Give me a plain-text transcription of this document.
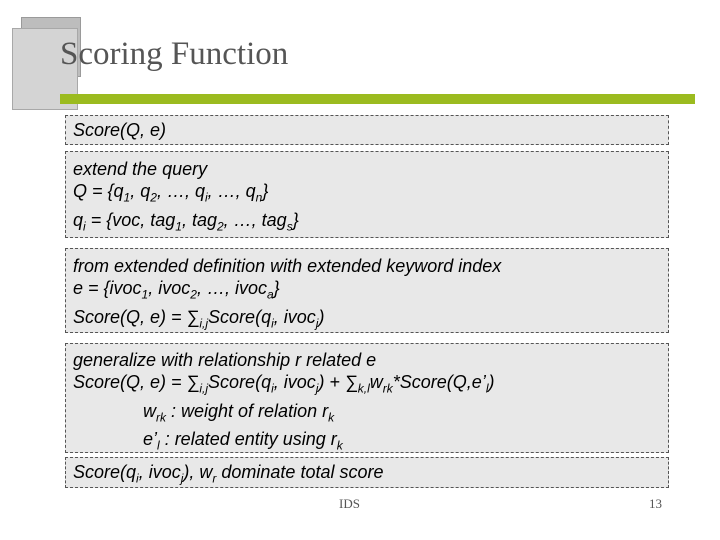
Scoring Function
Score(Q, e)
extend the query
$Q = \{q_1$, $q_2$, …, $q_i$, …, $q_n$}
$q_i = \{voc$, tag$_1$, tag$_2$, …, tag$_s$}
from extended definition with extended keyword index
e = {ivoc$_1$, ivoc$_2$, …, ivoc$_a$}
Score(Q, $e) = \sum_{i,j}Score(q_i$, ivoc$_j$)
generalize with relationship r related e
Score(Q, $e) = \sum_{i,j}Score(q_i$, ivoc$_j$) + $\sum_{k,l}w_{rk}*Score(Q,e’_l)$
$w_{rk}$ : weight of relation $r_k$
$e’_l$ : related entity using $r_k$
$Score(q_i$, ivoc$_j$), $w_r$ dominate total score
IDS	13
